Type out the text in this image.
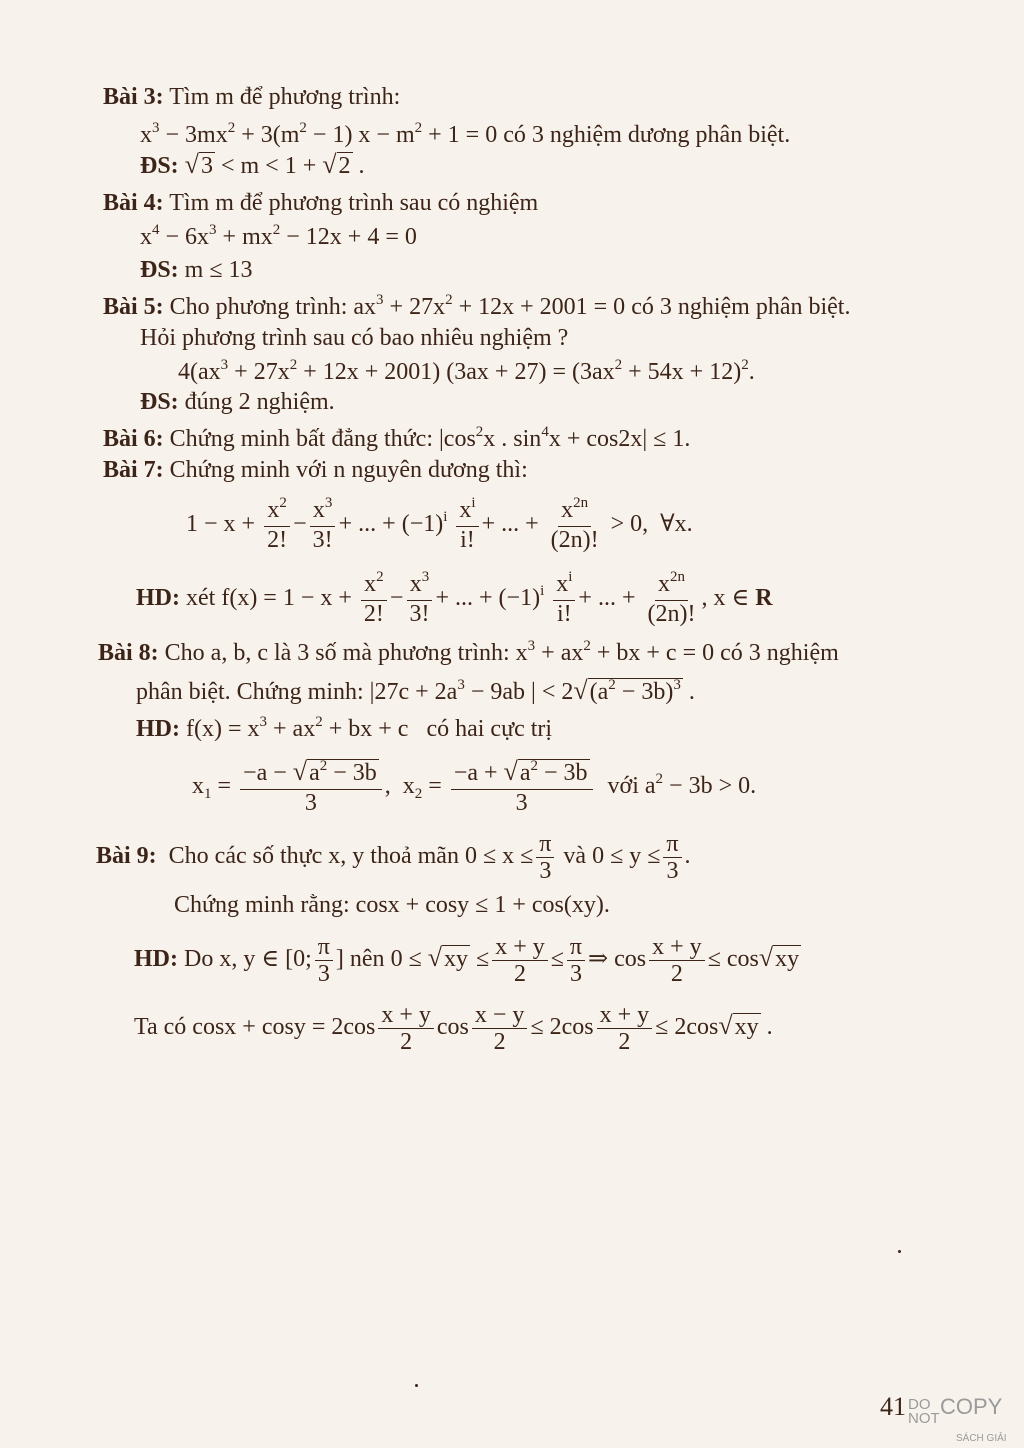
Bài 3: Tìm m để phương trình:
$x^3 - 3mx^2 + 3(m^2 - 1) x - m^2 + 1 = 0$ có 3 nghiệm dương phân biệt.
ĐS: √3 < m < 1 + √2 .
Bài 4: Tìm m để phương trình sau có nghiệm
$x^4 - 6x^3 + mx^2 - 12x + 4 = 0$
ĐS: m ≤ 13
Bài 5: Cho phương trình: $ax^3 + 27x^2 + 12x + 2001 = 0$ có 3 nghiệm phân biệt.
Hỏi phương trình sau có bao nhiêu nghiệm ?
$4(ax^3 + 27x^2 + 12x + 2001) (3ax + 27) = (3ax^2 + 54x + 12)^2$.
ĐS: đúng 2 nghiệm.
Bài 6: Chứng minh bất đẳng thức: $|\cos^2x$ . $\sin^4x + \cos 2x| \le 1$.
Bài 7: Chứng minh với n nguyên dương thì:
$1 - x + \frac{x^2}{2!} - \frac{x^3}{3!}$ + ... + $(-1)^i \frac{x^i}{i!}$ + ... + $\frac{x^{2n}}{(2n)!} > 0$,  ∀x.
HD: xét $f(x) = 1 - x + \frac{x^2}{2!} - \frac{x^3}{3!}$ + ... + $(-1)^i \frac{x^i}{i!}$ + ... + $\frac{x^{2n}}{(2n)!}$ , x ∈ R
Bài 8: Cho a, b, c là 3 số mà phương trình: $x^3 + ax^2$ + bx + c = 0 có 3 nghiệm
phân biệt. Chứng minh: $|27c + 2a^3 - 9ab$ | < $2√(a^2 - 3b)^3$ .
HD: $f(x) = x^3 + ax^2$ + bx + c   có hai cực trị
$x_1 = \frac{-a - √a^2 - 3b}{3}$ ,  $x_2 = \frac{-a + √a^2 - 3b}{3}$ với $a^2 - 3b > 0$.
Bài 9: Cho các số thực x, y thoả mãn $0 \le x \le \frac{\pi}{3}$ và $0 \le y \le \frac{\pi}{3}$ .
Chứng minh rằng: cosx + cosy ≤ 1 + cos(xy).
HD: Do x, y ∈ [0; $\frac{\pi}{3}$ ] nên $0 \le √xy \le \frac{x + y}{2} \le \frac{\pi}{3}$ ⇒ $\cos \frac{x + y}{2} \le \cos√xy$
Ta có $\cos x + \cos y = 2\cos \frac{x + y}{2}$ $\cos \frac{x - y}{2} \le 2\cos \frac{x + y}{2} \le 2\cos√xy$ .
41 DO
NOT COPY
SÁCH GIẢI
